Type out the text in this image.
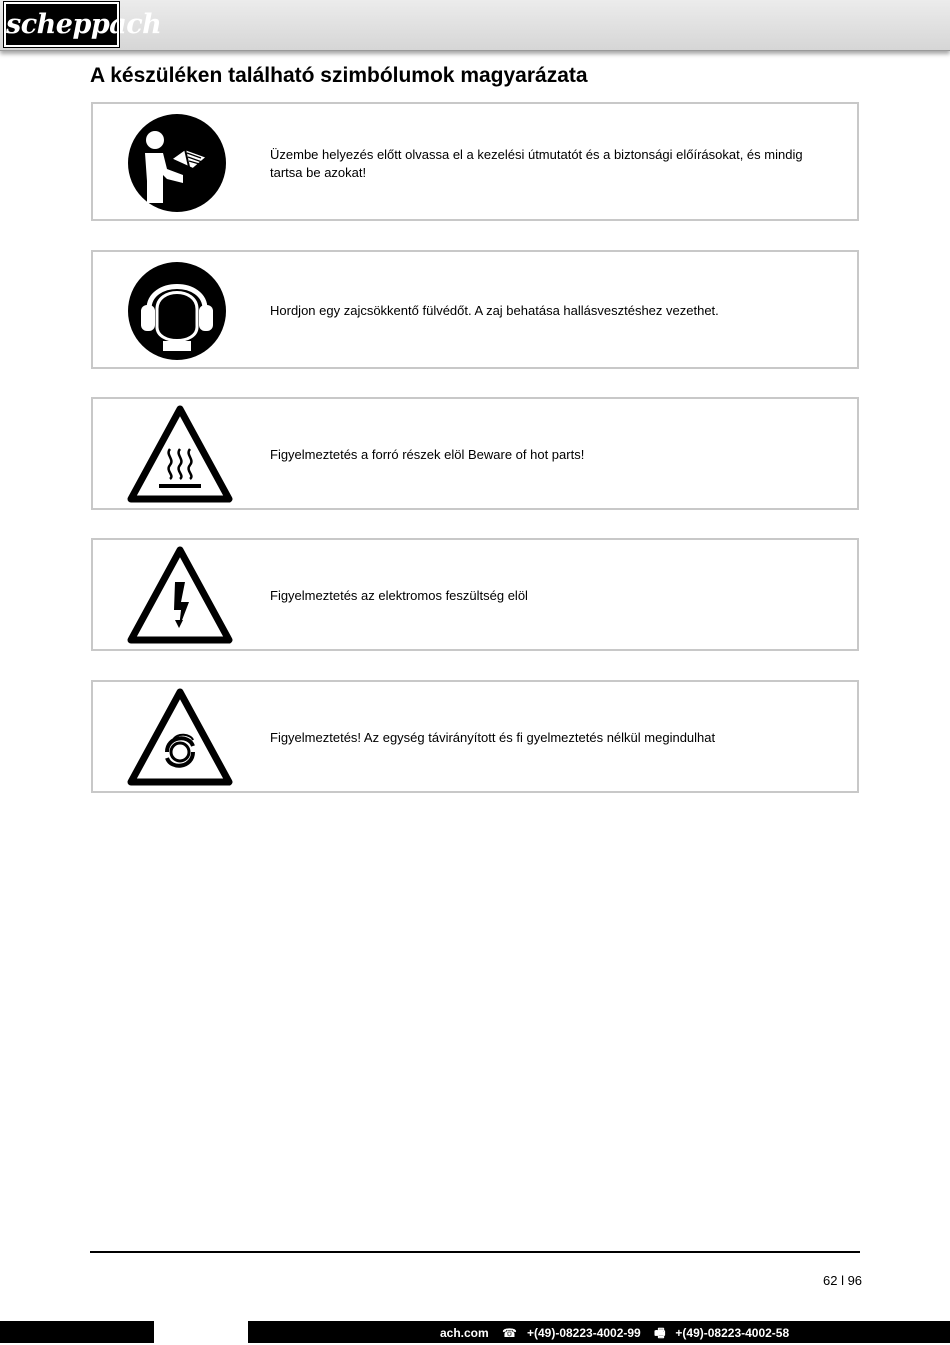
scheppach
A készüléken található szimbólumok magyarázata
Üzembe helyezés előtt olvassa el a kezelési útmutatót és a biztonsági előírásokat, és mindig tartsa be azokat!
Hordjon egy zajcsökkentő fülvédőt. A zaj behatása hallásvesztéshez vezethet.
Figyelmeztetés a forró részek elöl Beware of hot parts!
Figyelmeztetés az elektromos feszültség elöl
Figyelmeztetés! Az egység távirányított és fi gyelmeztetés nélkül megindulhat
62 l 96
ach.com ☎ +(49)-08223-4002-99 🖷 +(49)-08223-4002-58
